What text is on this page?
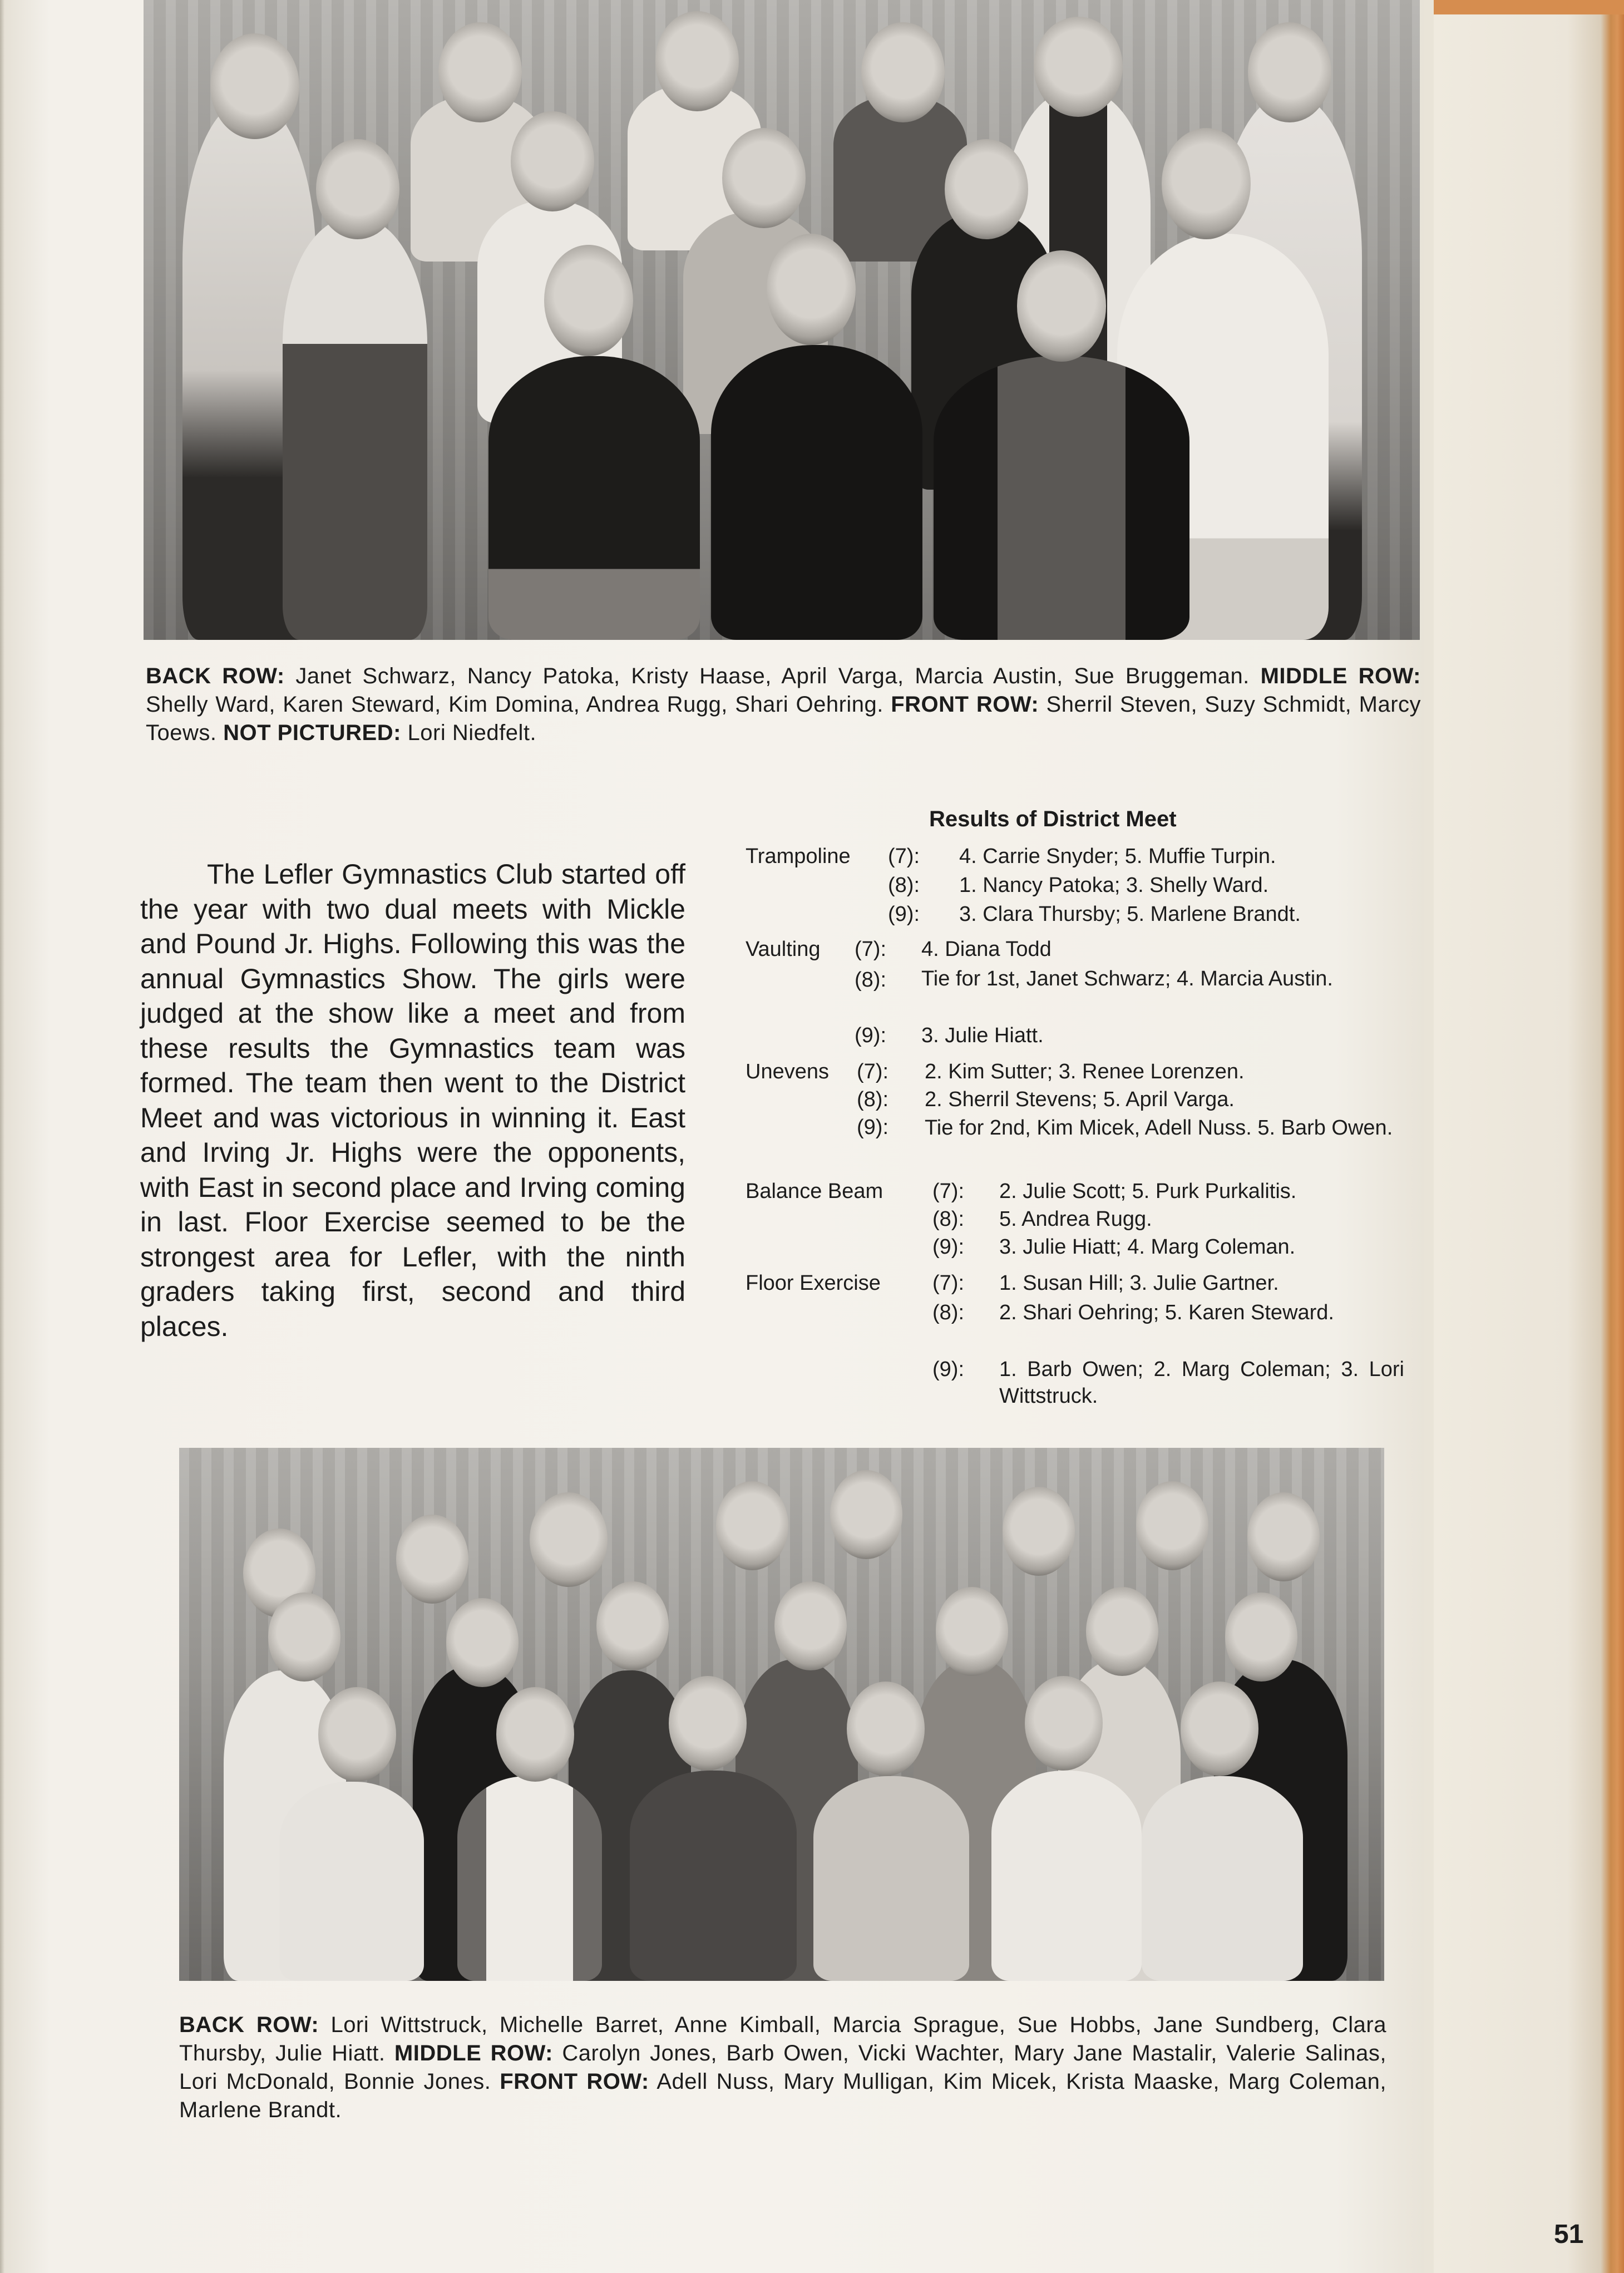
BACK ROW: Janet Schwarz, Nancy Patoka, Kristy Haase, April Varga, Marcia Austin, Sue Bruggeman. MIDDLE ROW: Shelly Ward, Karen Steward, Kim Domina, Andrea Rugg, Shari Oehring. FRONT ROW: Sherril Steven, Suzy Schmidt, Marcy Toews. NOT PICTURED: Lori Niedfelt.
The Lefler Gymnastics Club started off the year with two dual meets with Mickle and Pound Jr. Highs. Following this was the annual Gymnastics Show. The girls were judged at the show like a meet and from these results the Gymnastics team was formed. The team then went to the District Meet and was victorious in winning it. East and Irving Jr. Highs were the opponents, with East in second place and Irving coming in last. Floor Exercise seemed to be the strongest area for Lefler, with the ninth graders taking first, second and third places.
Results of District Meet
Trampoline (7): 4. Carrie Snyder; 5. Muffie Turpin.
(8): 1. Nancy Patoka; 3. Shelly Ward.
(9): 3. Clara Thursby; 5. Marlene Brandt.
Vaulting (7): 4. Diana Todd
(8): Tie for 1st, Janet Schwarz; 4. Marcia Austin.
(9): 3. Julie Hiatt.
Unevens (7): 2. Kim Sutter; 3. Renee Lorenzen.
(8): 2. Sherril Stevens; 5. April Varga.
(9): Tie for 2nd, Kim Micek, Adell Nuss. 5. Barb Owen.
Balance Beam (7): 2. Julie Scott; 5. Purk Purkalitis.
(8): 5. Andrea Rugg.
(9): 3. Julie Hiatt; 4. Marg Coleman.
Floor Exercise (7): 1. Susan Hill; 3. Julie Gartner.
(8): 2. Shari Oehring; 5. Karen Steward.
(9): 1. Barb Owen; 2. Marg Coleman; 3. Lori Wittstruck.
BACK ROW: Lori Wittstruck, Michelle Barret, Anne Kimball, Marcia Sprague, Sue Hobbs, Jane Sundberg, Clara Thursby, Julie Hiatt. MIDDLE ROW: Carolyn Jones, Barb Owen, Vicki Wachter, Mary Jane Mastalir, Valerie Salinas, Lori McDonald, Bonnie Jones. FRONT ROW: Adell Nuss, Mary Mulligan, Kim Micek, Krista Maaske, Marg Coleman, Marlene Brandt.
51
